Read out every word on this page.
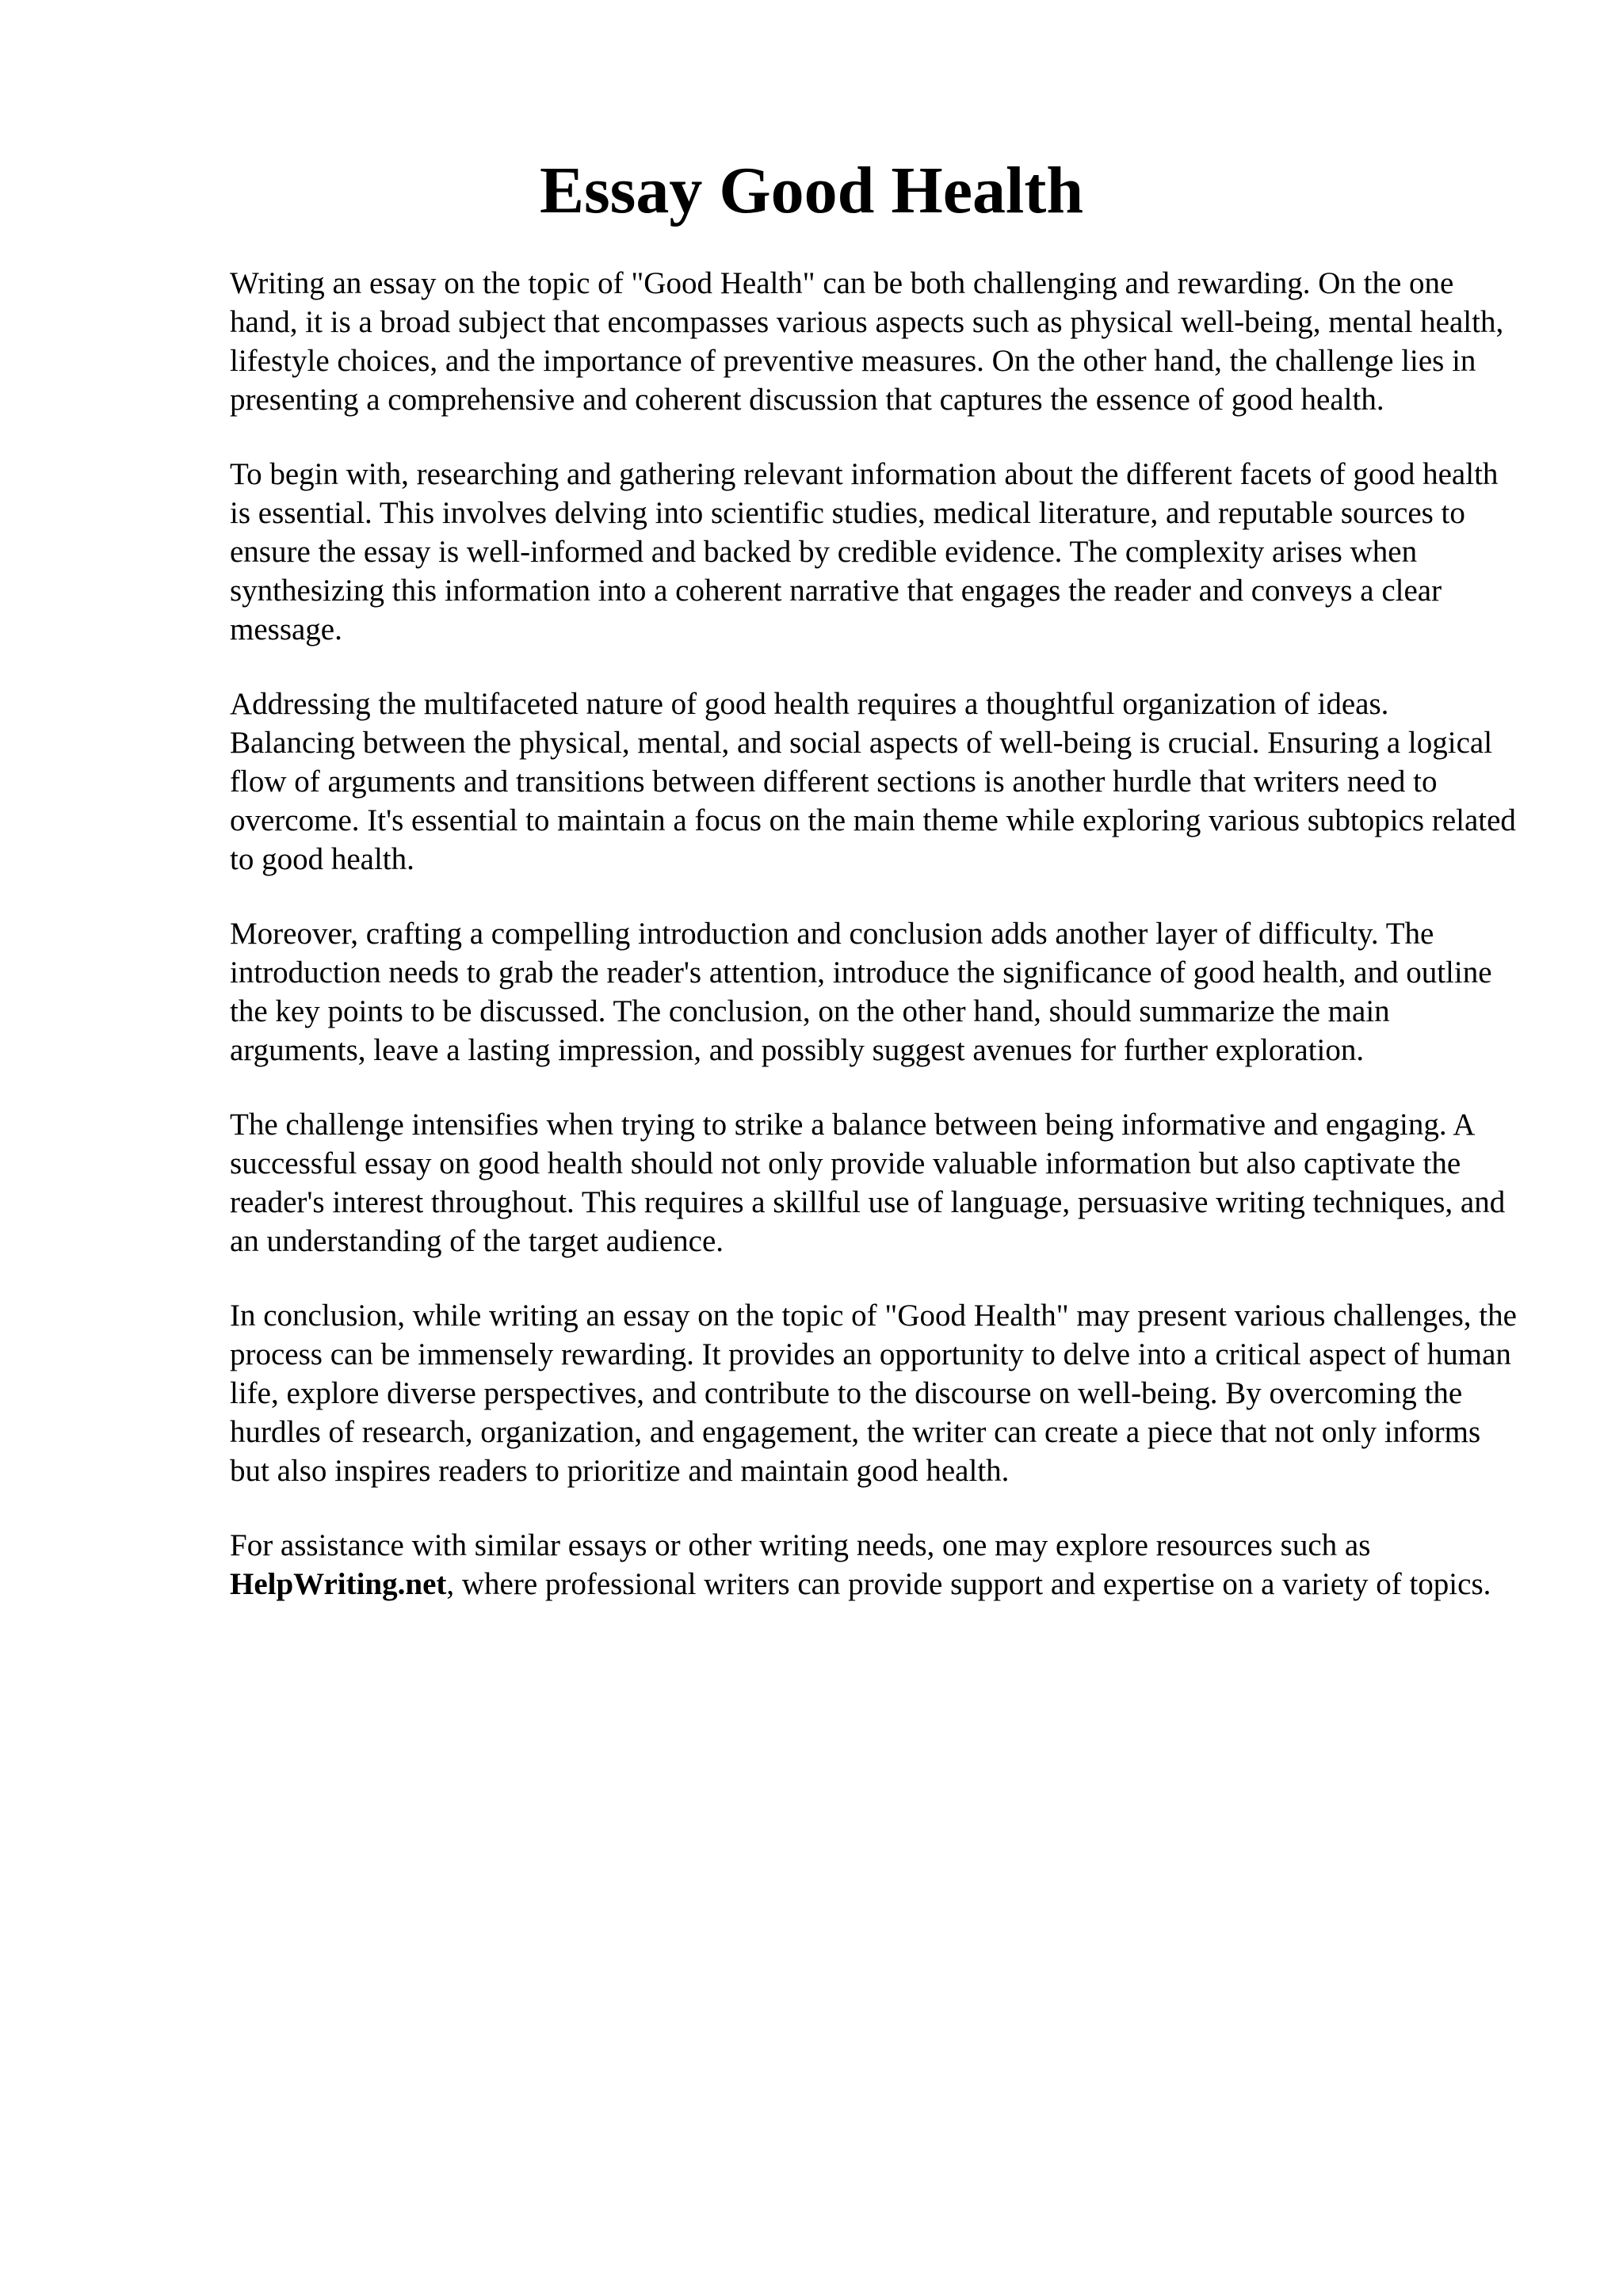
Essay Good Health

Writing an essay on the topic of "Good Health" can be both challenging and rewarding. On the one hand, it is a broad subject that encompasses various aspects such as physical well-being, mental health, lifestyle choices, and the importance of preventive measures. On the other hand, the challenge lies in presenting a comprehensive and coherent discussion that captures the essence of good health.

To begin with, researching and gathering relevant information about the different facets of good health is essential. This involves delving into scientific studies, medical literature, and reputable sources to ensure the essay is well-informed and backed by credible evidence. The complexity arises when synthesizing this information into a coherent narrative that engages the reader and conveys a clear message.

Addressing the multifaceted nature of good health requires a thoughtful organization of ideas. Balancing between the physical, mental, and social aspects of well-being is crucial. Ensuring a logical flow of arguments and transitions between different sections is another hurdle that writers need to overcome. It's essential to maintain a focus on the main theme while exploring various subtopics related to good health.

Moreover, crafting a compelling introduction and conclusion adds another layer of difficulty. The introduction needs to grab the reader's attention, introduce the significance of good health, and outline the key points to be discussed. The conclusion, on the other hand, should summarize the main arguments, leave a lasting impression, and possibly suggest avenues for further exploration.

The challenge intensifies when trying to strike a balance between being informative and engaging. A successful essay on good health should not only provide valuable information but also captivate the reader's interest throughout. This requires a skillful use of language, persuasive writing techniques, and an understanding of the target audience.

In conclusion, while writing an essay on the topic of "Good Health" may present various challenges, the process can be immensely rewarding. It provides an opportunity to delve into a critical aspect of human life, explore diverse perspectives, and contribute to the discourse on well-being. By overcoming the hurdles of research, organization, and engagement, the writer can create a piece that not only informs but also inspires readers to prioritize and maintain good health.

For assistance with similar essays or other writing needs, one may explore resources such as HelpWriting.net, where professional writers can provide support and expertise on a variety of topics.
